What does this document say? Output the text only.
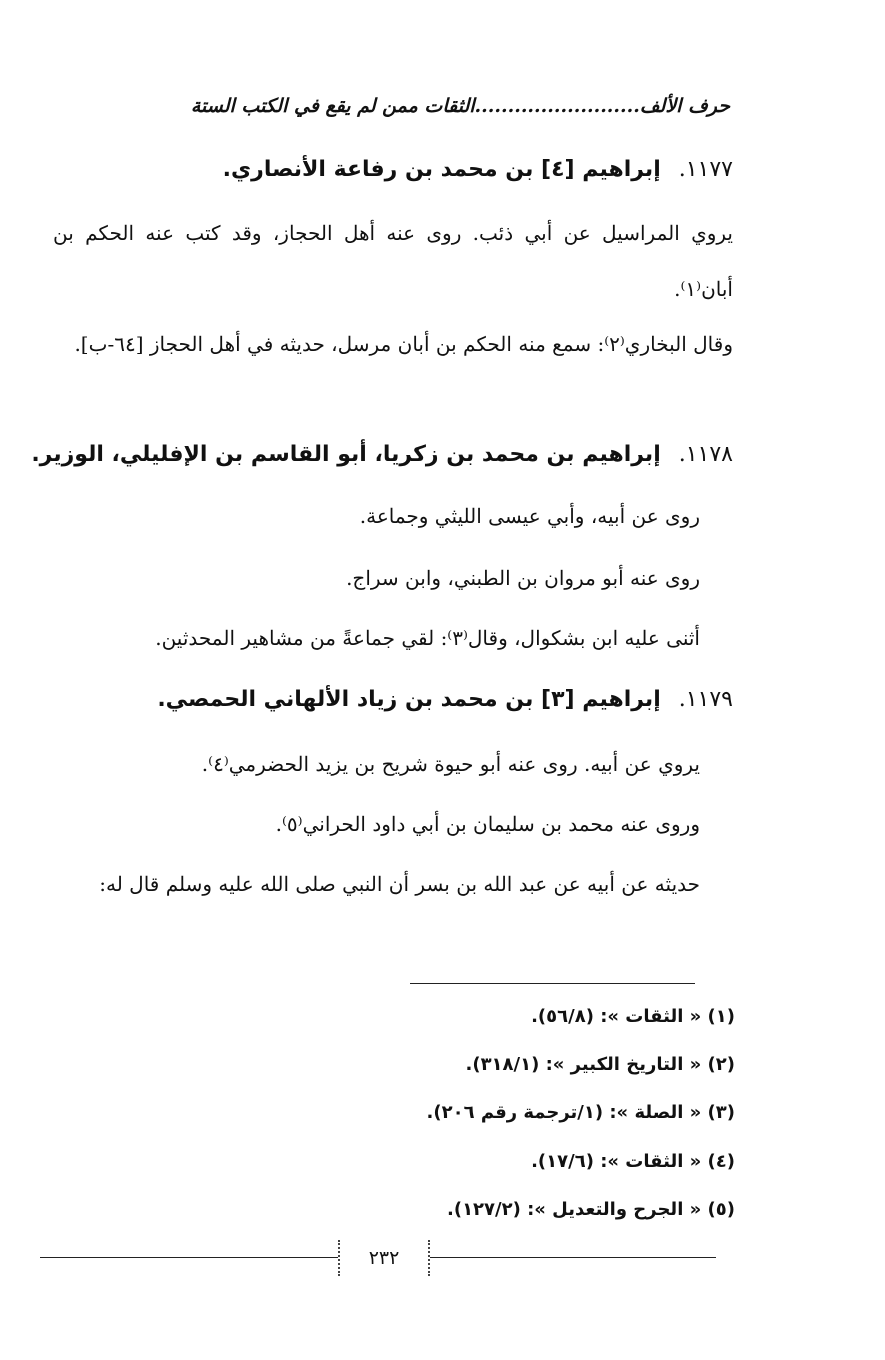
حرف الألف.........................الثقات ممن لم يقع في الكتب الستة
١١٧٧.إبراهيم [٤] بن محمد بن رفاعة الأنصاري.
يروي المراسيل عن أبي ذئب. روى عنه أهل الحجاز، وقد كتب عنه الحكم بن أبان⁽١⁾.
وقال البخاري⁽٢⁾: سمع منه الحكم بن أبان مرسل، حديثه في أهل الحجاز [٦٤-ب].
١١٧٨.إبراهيم بن محمد بن زكريا، أبو القاسم بن الإفليلي، الوزير.
روى عن أبيه، وأبي عيسى الليثي وجماعة.
روى عنه أبو مروان بن الطبني، وابن سراج.
أثنى عليه ابن بشكوال، وقال⁽٣⁾: لقي جماعةً من مشاهير المحدثين.
١١٧٩.إبراهيم [٣] بن محمد بن زياد الألهاني الحمصي.
يروي عن أبيه. روى عنه أبو حيوة شريح بن يزيد الحضرمي⁽٤⁾.
وروى عنه محمد بن سليمان بن أبي داود الحراني⁽٥⁾.
حديثه عن أبيه عن عبد الله بن بسر أن النبي صلى الله عليه وسلم قال له:
(١) « الثقات »: (٥٦/٨).
(٢) « التاريخ الكبير »: (٣١٨/١).
(٣) « الصلة »: (١/ترجمة رقم ٢٠٦).
(٤) « الثقات »: (١٧/٦).
(٥) « الجرح والتعديل »: (١٢٧/٢).
٢٣٢
